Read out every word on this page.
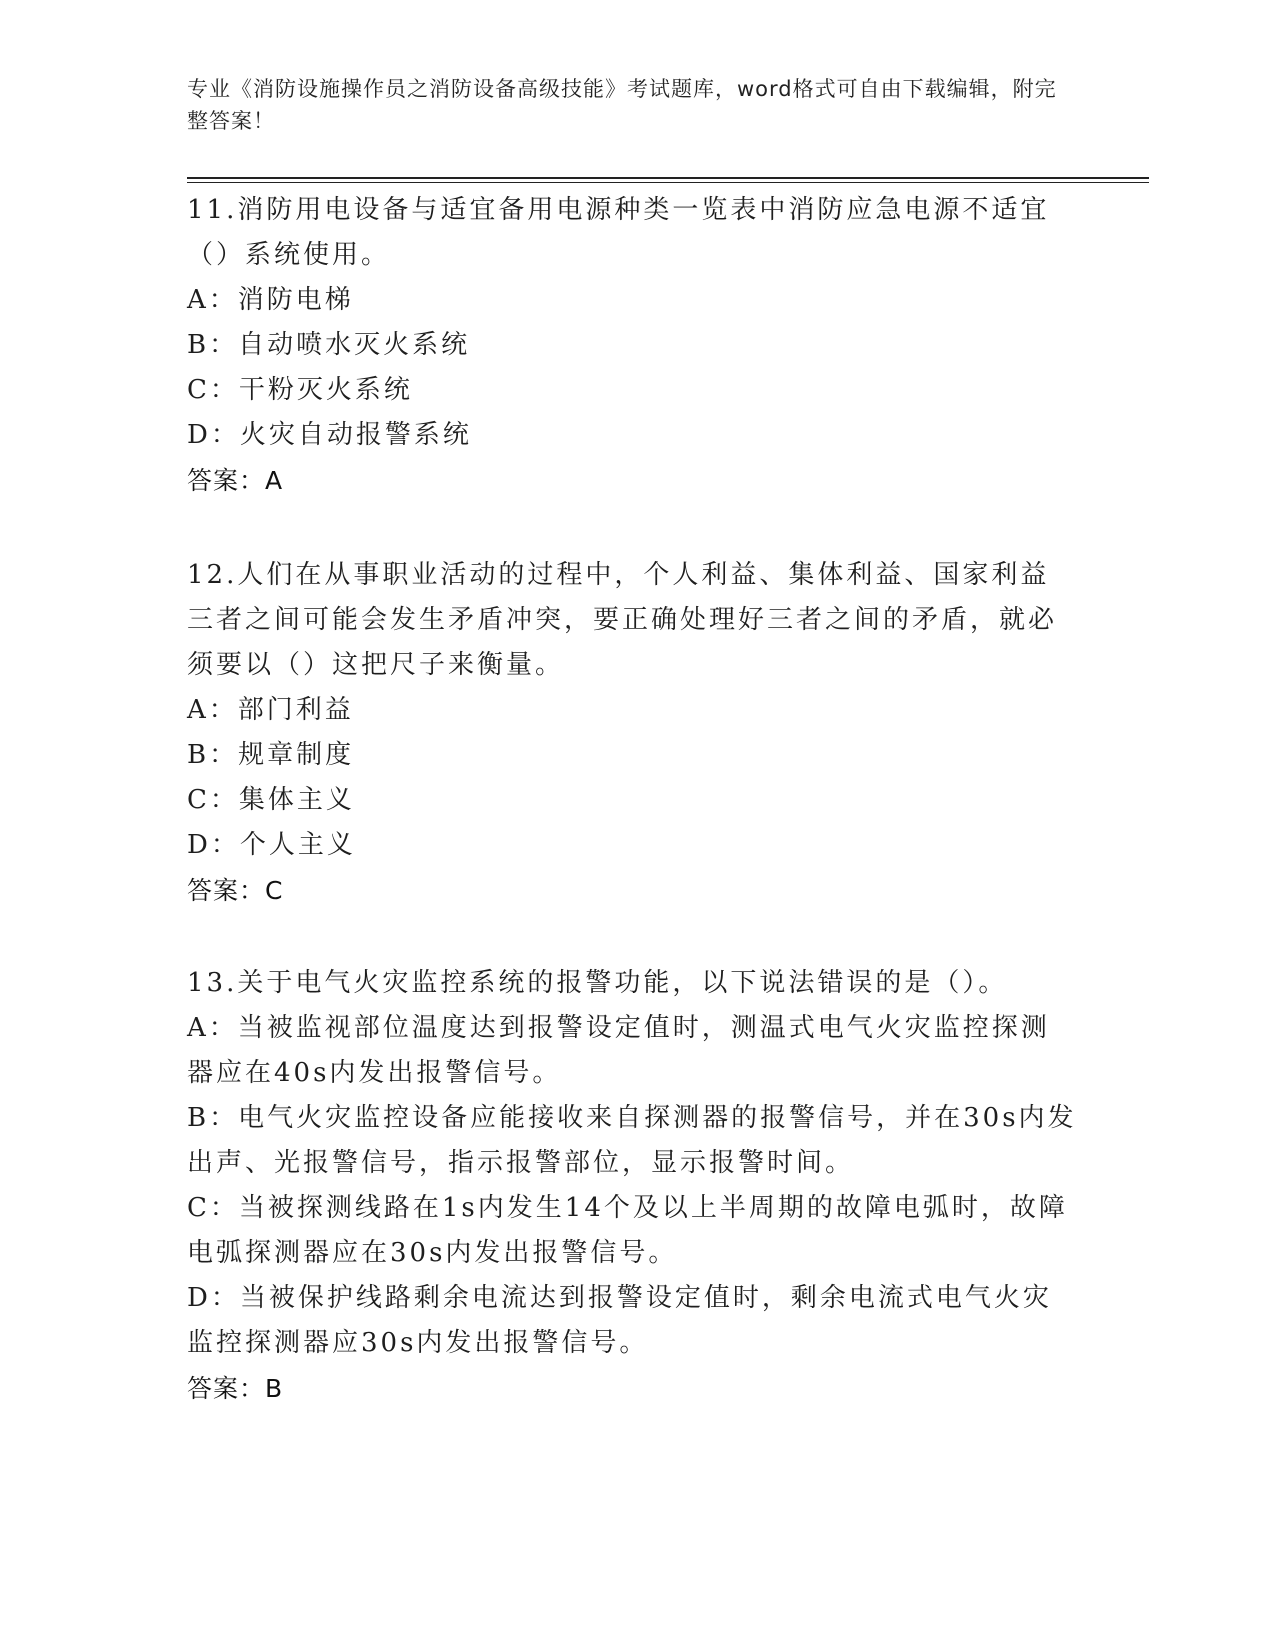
专业《消防设施操作员之消防设备高级技能》考试题库，word格式可自由下载编辑，附完整答案！
11.消防用电设备与适宜备用电源种类一览表中消防应急电源不适宜（）系统使用。
A：消防电梯
B：自动喷水灭火系统
C：干粉灭火系统
D：火灾自动报警系统
答案：A
12.人们在从事职业活动的过程中，个人利益、集体利益、国家利益三者之间可能会发生矛盾冲突，要正确处理好三者之间的矛盾，就必须要以（）这把尺子来衡量。
A：部门利益
B：规章制度
C：集体主义
D：个人主义
答案：C
13.关于电气火灾监控系统的报警功能，以下说法错误的是（）。
A：当被监视部位温度达到报警设定值时，测温式电气火灾监控探测器应在40s内发出报警信号。
B：电气火灾监控设备应能接收来自探测器的报警信号，并在30s内发出声、光报警信号，指示报警部位，显示报警时间。
C：当被探测线路在1s内发生14个及以上半周期的故障电弧时，故障电弧探测器应在30s内发出报警信号。
D：当被保护线路剩余电流达到报警设定值时，剩余电流式电气火灾监控探测器应30s内发出报警信号。
答案：B
